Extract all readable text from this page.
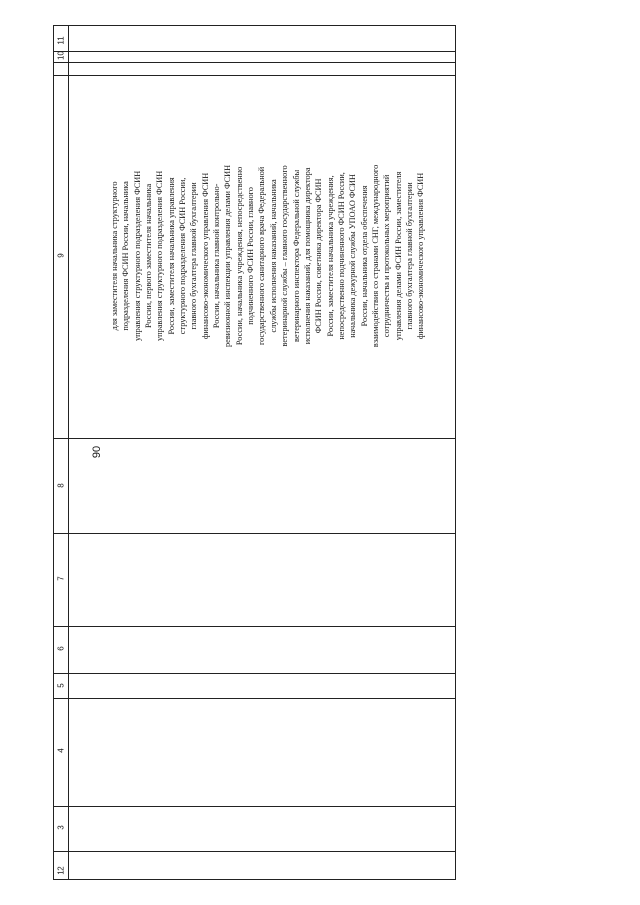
90
11
10
9
8
7
6
5
4
3
2
1
для заместителя начальника структурного подразделения ФСИН России, начальника управления структурного подразделения ФСИН России, первого заместителя начальника управления структурного подразделения ФСИН России, заместителя начальника управления структурного подразделения ФСИН России, главного бухгалтера главной бухгалтерии финансово-экономического управления ФСИН России, начальника главной контрольно- ревизионной инспекции управления делами ФСИН России, начальника учреждения, непосредственно подчиненного ФСИН России, главного государственного санитарного врача Федеральной службы исполнения наказаний, начальника ветеринарной службы – главного государственного ветеринарного инспектора Федеральной службы исполнения наказаний, для помощника директора ФСИН России, советника директора ФСИН России, заместителя начальника учреждения, непосредственно подчиненного ФСИН России, начальника дежурной службы УПОАО ФСИН России, начальника отдела обеспечения взаимодействия со странами СНГ, международного сотрудничества и протокольных мероприятий управления делами ФСИН России, заместителя главного бухгалтера главной бухгалтерии финансово-экономического управления ФСИН
